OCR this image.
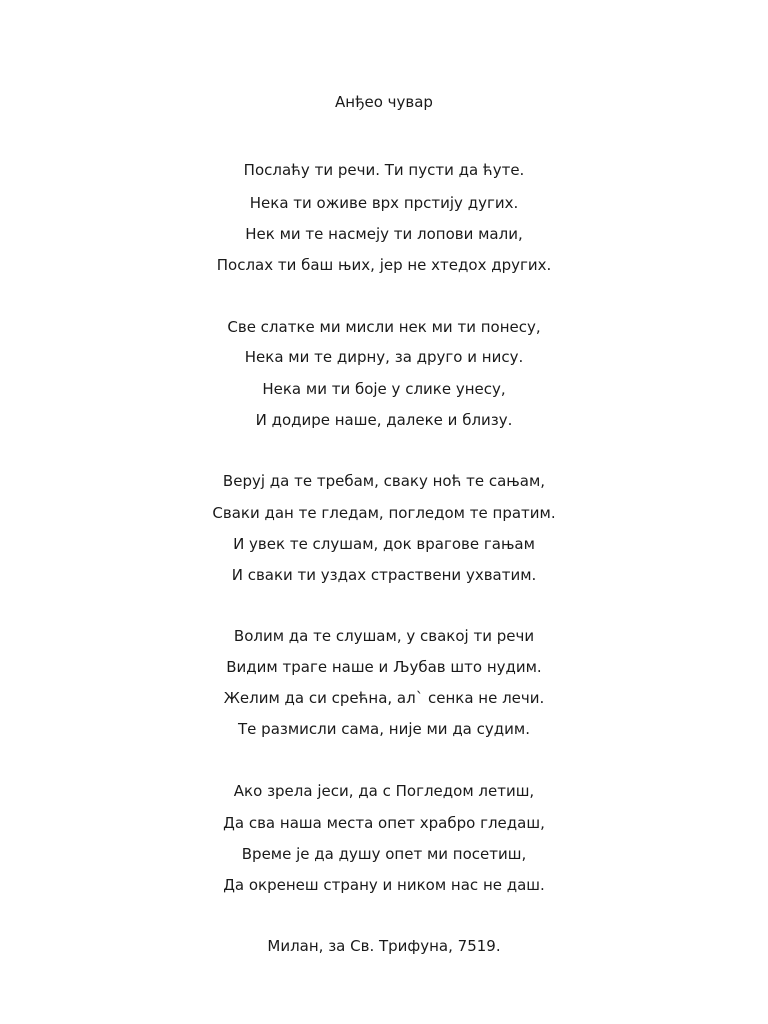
Анђео чувар
Послаћу ти речи. Ти пусти да ћуте.
Нека ти оживе врх прстију дугих.
Нек ми те насмеју ти лопови мали,
Послах ти баш њих, јер не хтедох других.
Све слатке ми мисли нек ми ти понесу,
Нека ми те дирну, за друго и нису.
Нека ми ти боје у слике унесу,
И додире наше, далеке и близу.
Веруј да те требам, сваку ноћ те сањам,
Сваки дан те гледам, погледом те пратим.
И увек те слушам, док врагове гањам
И сваки ти уздах страствени ухватим.
Волим да те слушам, у свакој ти речи
Видим траге наше и Љубав што нудим.
Желим да си срећна, ал` сенка не лечи.
Те размисли сама, није ми да судим.
Ако зрела јеси, да с Погледом летиш,
Да сва наша места опет храбро гледаш,
Време је да душу опет ми посетиш,
Да окренеш страну и ником нас не даш.
Милан, за Св. Трифуна, 7519.
